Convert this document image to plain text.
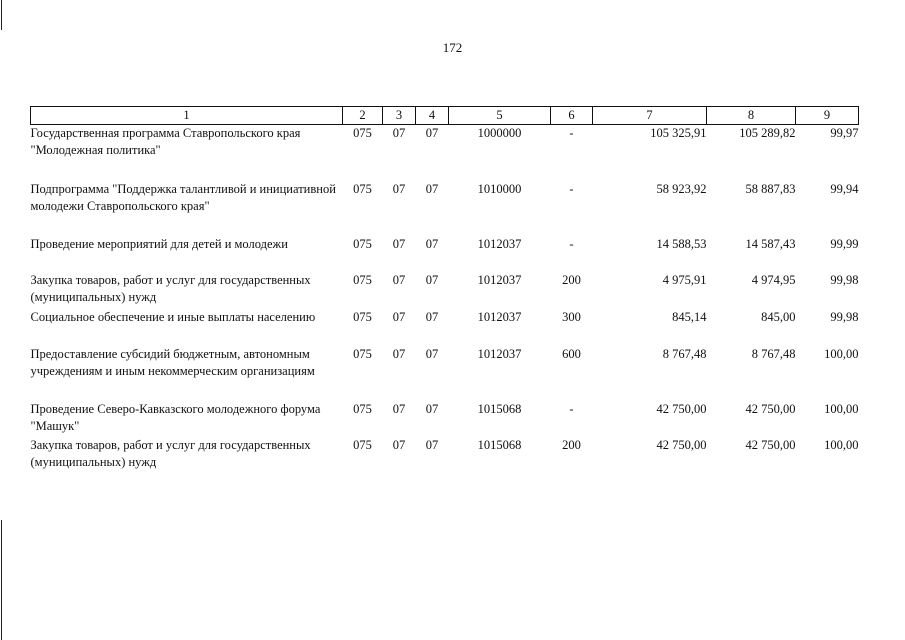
172
1	2	3	4	5	6	7	8	9
Государственная программа Ставропольского края "Молодежная политика"	075	07	07	1000000	-	105 325,91	105 289,82	99,97
Подпрограмма "Поддержка талантливой и инициативной молодежи Ставропольского края"	075	07	07	1010000	-	58 923,92	58 887,83	99,94
Проведение мероприятий для детей и молодежи	075	07	07	1012037	-	14 588,53	14 587,43	99,99
Закупка товаров, работ и услуг для государственных (муниципальных) нужд	075	07	07	1012037	200	4 975,91	4 974,95	99,98
Социальное обеспечение и иные выплаты населению	075	07	07	1012037	300	845,14	845,00	99,98
Предоставление субсидий бюджетным, автономным учреждениям и иным некоммерческим организациям	075	07	07	1012037	600	8 767,48	8 767,48	100,00
Проведение Северо-Кавказского молодежного форума "Машук"	075	07	07	1015068	-	42 750,00	42 750,00	100,00
Закупка товаров, работ и услуг для государственных (муниципальных) нужд	075	07	07	1015068	200	42 750,00	42 750,00	100,00
